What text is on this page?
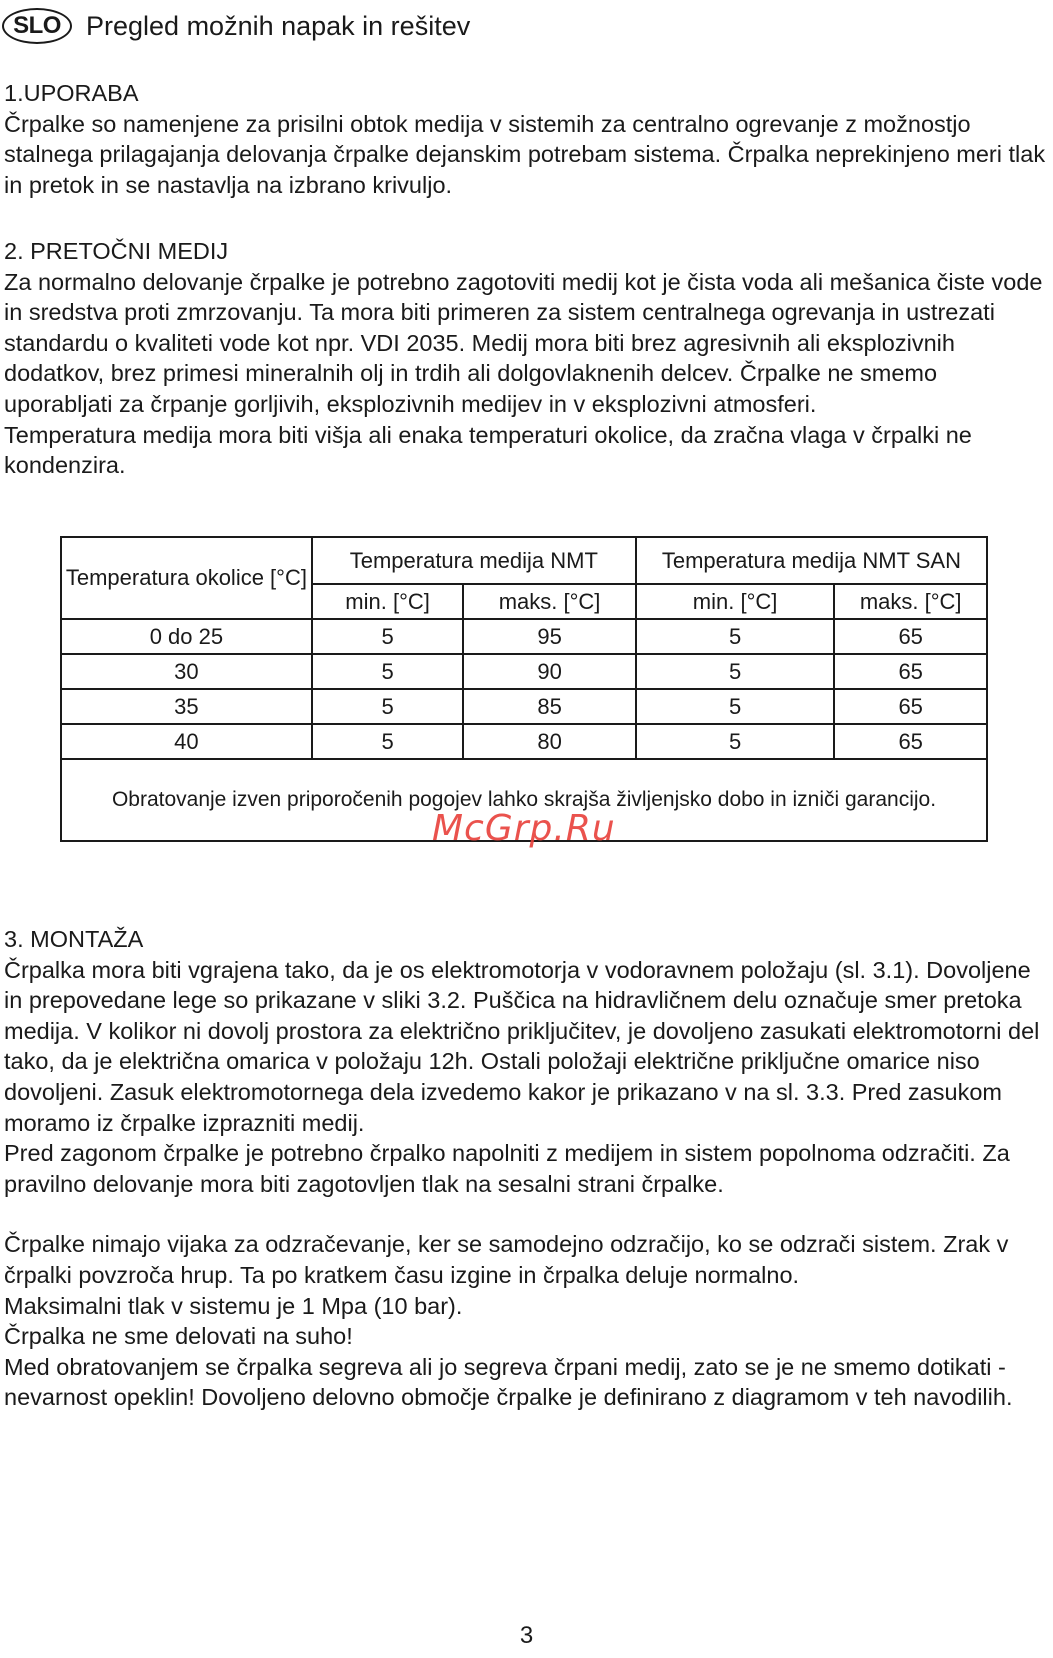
SLO Pregled možnih napak in rešitev
1.UPORABA

Črpalke so namenjene za prisilni obtok medija v sistemih za centralno ogrevanje z možnostjo stalnega prilagajanja delovanja črpalke dejanskim potrebam sistema. Črpalka neprekinjeno meri tlak in pretok in se nastavlja na izbrano krivuljo.

2. PRETOČNI MEDIJ

Za normalno delovanje črpalke je potrebno zagotoviti medij kot je čista voda ali mešanica čiste vode in sredstva proti zmrzovanju. Ta mora biti primeren za sistem centralnega ogrevanja in ustrezati standardu o kvaliteti vode kot npr. VDI 2035. Medij mora biti brez agresivnih ali eksplozivnih dodatkov, brez primesi mineralnih olj in trdih ali dolgovlaknenih delcev. Črpalke ne smemo uporabljati za črpanje gorljivih, eksplozivnih medijev in v eksplozivni atmosferi.

Temperatura medija mora biti višja ali enaka temperaturi okolice, da zračna vlaga v črpalki ne kondenzira.

Temperatura okolice [°C]	Temperatura medija NMT		Temperatura medija NMT SAN	
	min. [°C]	maks. [°C]	min. [°C]	maks. [°C]
0 do 25	5	95	5	65
30	5	90	5	65
35	5	85	5	65
40	5	80	5	65
Obratovanje izven priporočenih pogojev lahko skrajša življenjsko dobo in izniči garancijo.				
McGrp.Ru
3. MONTAŽA

Črpalka mora biti vgrajena tako, da je os elektromotorja v vodoravnem položaju (sl. 3.1). Dovoljene in prepovedane lege so prikazane v sliki 3.2. Puščica na hidravličnem delu označuje smer pretoka medija. V kolikor ni dovolj prostora za električno priključitev, je dovoljeno zasukati elektromotorni del tako, da je električna omarica v položaju 12h. Ostali položaji električne priključne omarice niso dovoljeni. Zasuk elektromotornega dela izvedemo kakor je prikazano v na sl. 3.3. Pred zasukom moramo iz črpalke izprazniti medij.

Pred zagonom črpalke je potrebno črpalko napolniti z medijem in sistem popolnoma odzračiti. Za pravilno delovanje mora biti zagotovljen tlak na sesalni strani črpalke.

Črpalke nimajo vijaka za odzračevanje, ker se samodejno odzračijo, ko se odzrači sistem. Zrak v črpalki povzroča hrup. Ta po kratkem času izgine in črpalka deluje normalno.

Maksimalni tlak v sistemu je 1 Mpa (10 bar).

Črpalka ne sme delovati na suho!

Med obratovanjem se črpalka segreva ali jo segreva črpani medij, zato se je ne smemo dotikati - nevarnost opeklin! Dovoljeno delovno območje črpalke je definirano z diagramom v teh navodilih.

3
